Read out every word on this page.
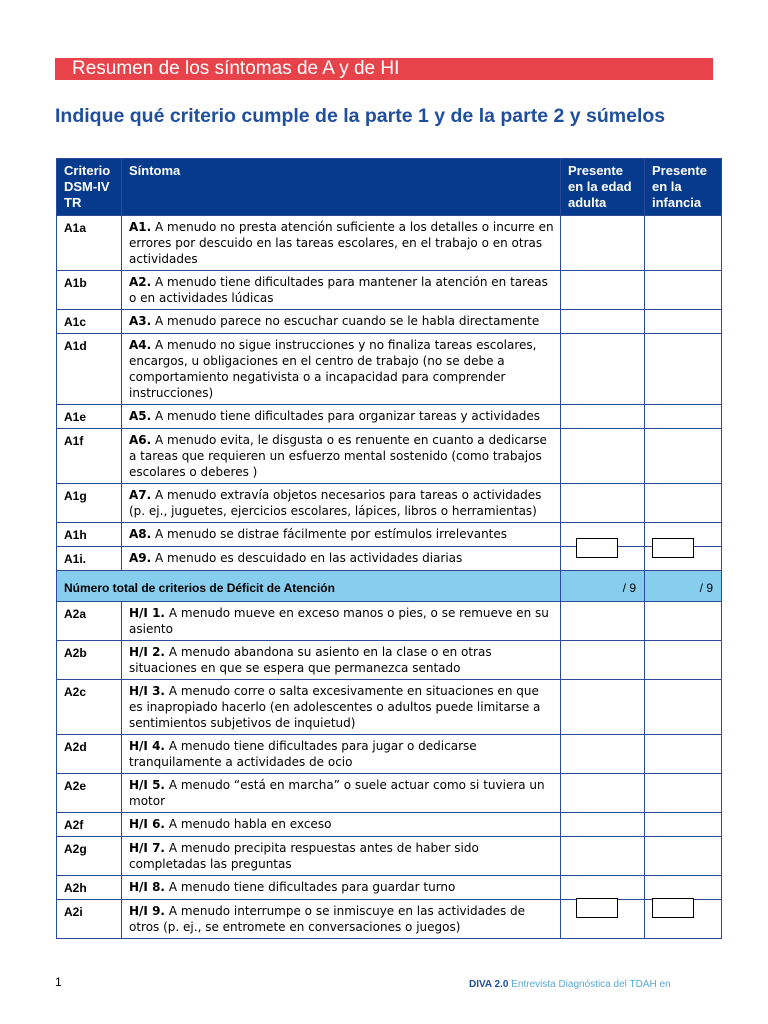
Resumen de los síntomas de A y de HI
Indique qué criterio cumple de la parte 1 y de la parte 2 y súmelos
Criterio DSM-IV TR	Síntoma	Presente en la edad adulta	Presente en la infancia
A1a	A1. A menudo no presta atención suficiente a los detalles o incurre en errores por descuido en las tareas escolares, en el trabajo o en otras actividades		
A1b	A2. A menudo tiene dificultades para mantener la atención en tareas o en actividades lúdicas		
A1c	A3. A menudo parece no escuchar cuando se le habla directamente		
A1d	A4. A menudo no sigue instrucciones y no finaliza tareas escolares, encargos, u obligaciones en el centro de trabajo (no se debe a comportamiento negativista o a incapacidad para comprender instrucciones)		
A1e	A5. A menudo tiene dificultades para organizar tareas y actividades		
A1f	A6. A menudo evita, le disgusta o es renuente en cuanto a dedicarse a tareas que requieren un esfuerzo mental sostenido (como trabajos escolares o deberes )		
A1g	A7. A menudo extravía objetos necesarios para tareas o actividades (p. ej., juguetes, ejercicios escolares, lápices, libros o herramientas)		
A1h	A8. A menudo se distrae fácilmente por estímulos irrelevantes		
A1i.	A9. A menudo es descuidado en las actividades diarias		
Número total de criterios de Déficit de Atención		/ 9	/ 9
A2a	H/I 1. A menudo mueve en exceso manos o pies, o se remueve en su asiento		
A2b	H/I 2. A menudo abandona su asiento en la clase o en otras situaciones en que se espera que permanezca sentado		
A2c	H/I 3. A menudo corre o salta excesivamente en situaciones en que es inapropiado hacerlo (en adolescentes o adultos puede limitarse a sentimientos subjetivos de inquietud)		
A2d	H/I 4. A menudo tiene dificultades para jugar o dedicarse tranquilamente a actividades de ocio		
A2e	H/I 5. A menudo “está en marcha” o suele actuar como si tuviera un motor		
A2f	H/I 6. A menudo habla en exceso		
A2g	H/I 7. A menudo precipita respuestas antes de haber sido completadas las preguntas		
A2h	H/I 8. A menudo tiene dificultades para guardar turno		
A2i	H/I 9. A menudo interrumpe o se inmiscuye en las actividades de otros (p. ej., se entromete en conversaciones o juegos)		
1	DIVA 2.0 Entrevista Diagnóstica del TDAH en
